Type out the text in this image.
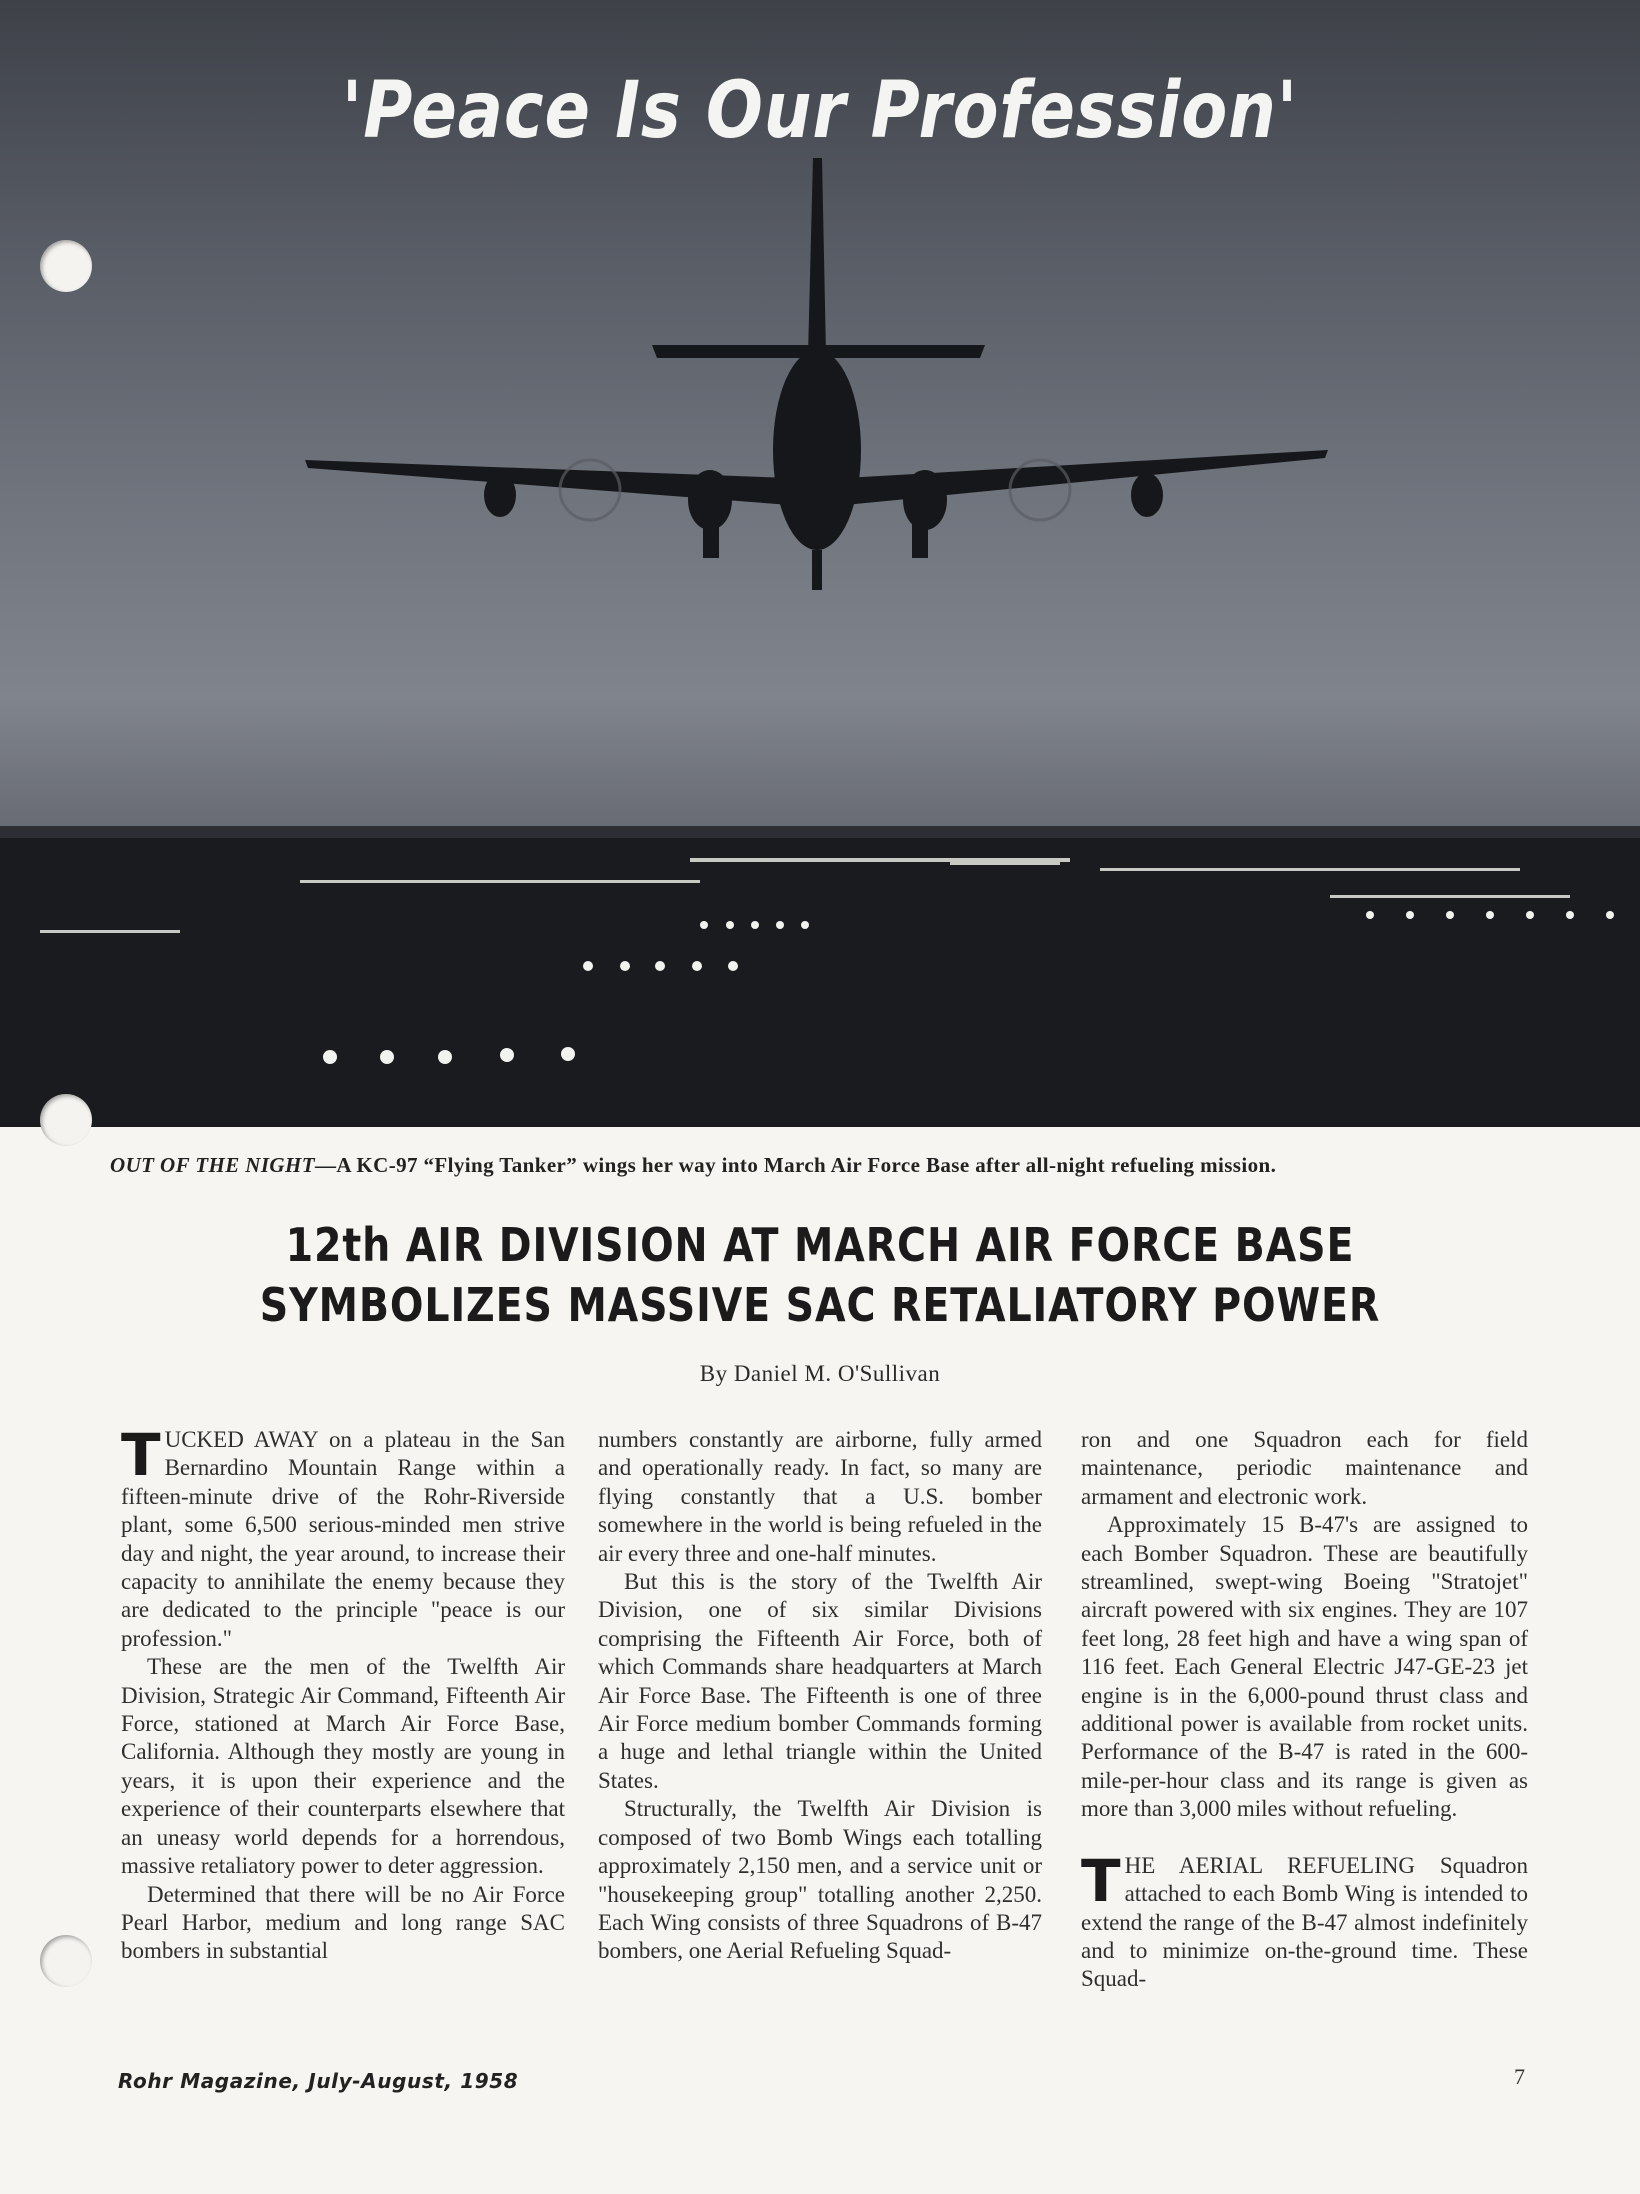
'Peace Is Our Profession'
OUT OF THE NIGHT—A KC-97 “Flying Tanker” wings her way into March Air Force Base after all-night refueling mission.
12th AIR DIVISION AT MARCH AIR FORCE BASE
SYMBOLIZES MASSIVE SAC RETALIATORY POWER
By Daniel M. O'Sullivan

TUCKED AWAY on a plateau in the San Bernardino Mountain Range within a fifteen-minute drive of the Rohr-Riverside plant, some 6,500 serious-minded men strive day and night, the year around, to increase their capacity to annihilate the enemy because they are dedicated to the principle "peace is our profession."

These are the men of the Twelfth Air Division, Strategic Air Command, Fifteenth Air Force, stationed at March Air Force Base, California. Although they mostly are young in years, it is upon their experience and the experience of their counterparts elsewhere that an uneasy world depends for a horrendous, massive retaliatory power to deter aggression.

Determined that there will be no Air Force Pearl Harbor, medium and long range SAC bombers in substantial

numbers constantly are airborne, fully armed and operationally ready. In fact, so many are flying constantly that a U.S. bomber somewhere in the world is being refueled in the air every three and one-half minutes.

But this is the story of the Twelfth Air Division, one of six similar Divisions comprising the Fifteenth Air Force, both of which Commands share headquarters at March Air Force Base. The Fifteenth is one of three Air Force medium bomber Commands forming a huge and lethal triangle within the United States.

Structurally, the Twelfth Air Division is composed of two Bomb Wings each totalling approximately 2,150 men, and a service unit or "housekeeping group" totalling another 2,250. Each Wing consists of three Squadrons of B-47 bombers, one Aerial Refueling Squad-

ron and one Squadron each for field maintenance, periodic maintenance and armament and electronic work.

Approximately 15 B-47's are assigned to each Bomber Squadron. These are beautifully streamlined, swept-wing Boeing "Stratojet" aircraft powered with six engines. They are 107 feet long, 28 feet high and have a wing span of 116 feet. Each General Electric J47-GE-23 jet engine is in the 6,000-pound thrust class and additional power is available from rocket units. Performance of the B-47 is rated in the 600-mile-per-hour class and its range is given as more than 3,000 miles without refueling.

THE AERIAL REFUELING Squadron attached to each Bomb Wing is intended to extend the range of the B-47 almost indefinitely and to minimize on-the-ground time. These Squad-

Rohr Magazine, July-August, 1958	7
